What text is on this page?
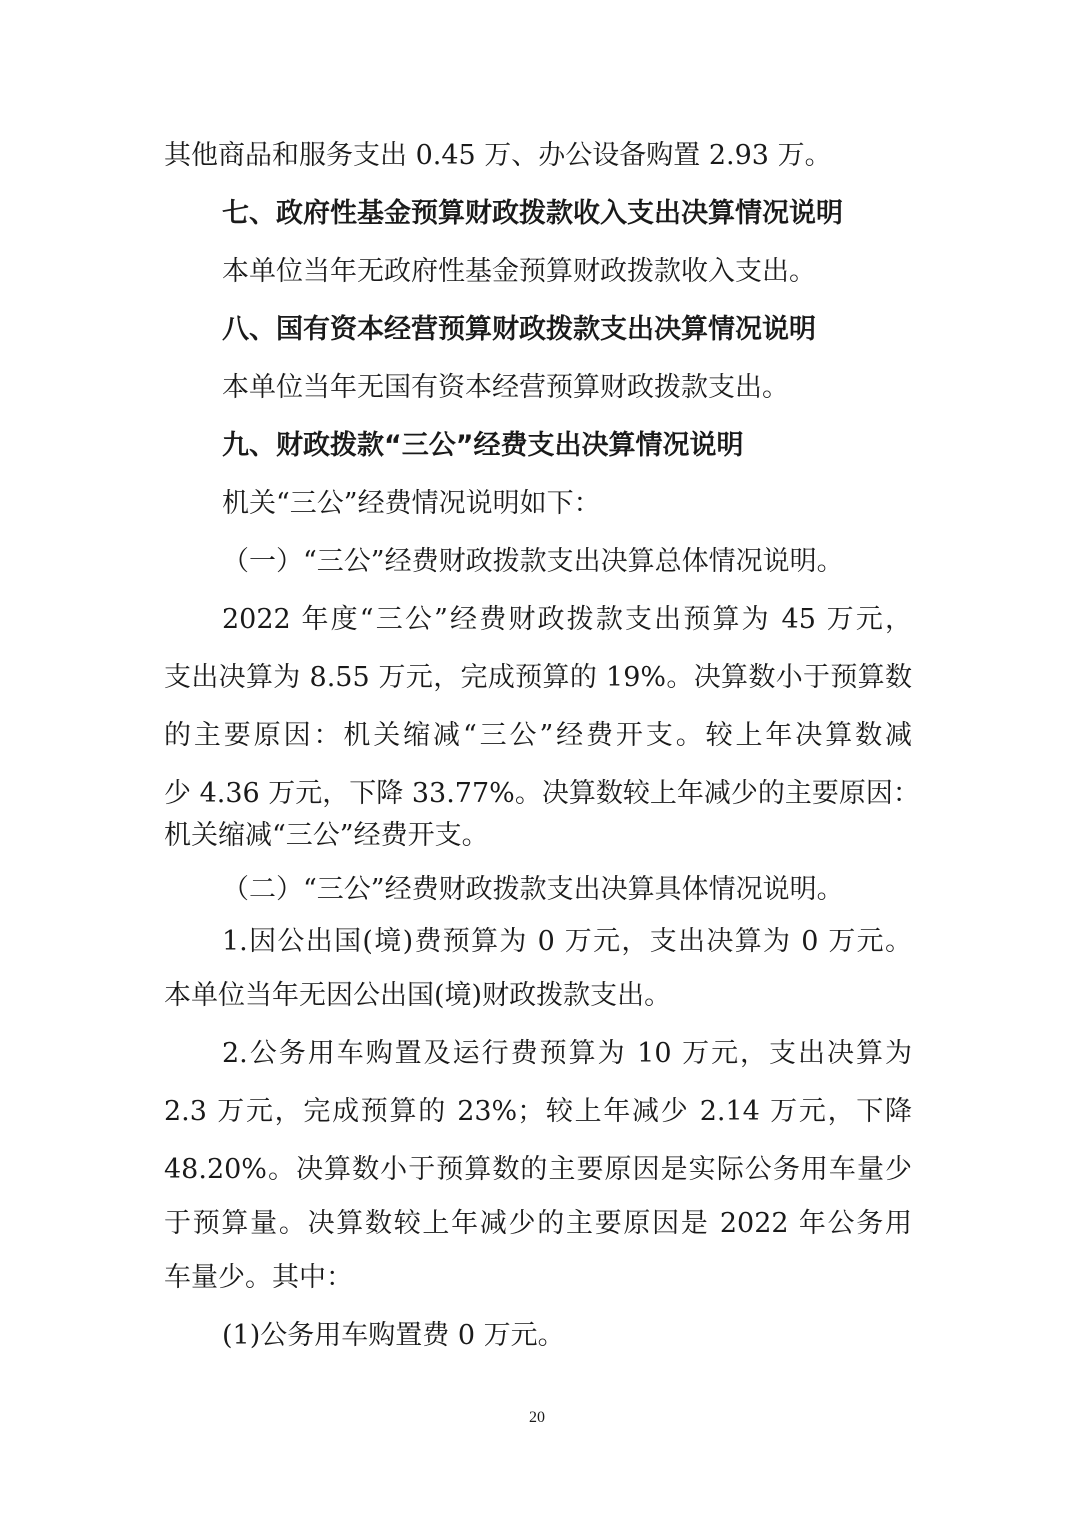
其他商品和服务支出 0.45 万、办公设备购置 2.93 万。
七、政府性基金预算财政拨款收入支出决算情况说明
本单位当年无政府性基金预算财政拨款收入支出。
八、国有资本经营预算财政拨款支出决算情况说明
本单位当年无国有资本经营预算财政拨款支出。
九、财政拨款“三公”经费支出决算情况说明
机关“三公”经费情况说明如下：
（一）“三公”经费财政拨款支出决算总体情况说明。
2022 年度“三公”经费财政拨款支出预算为 45 万元，
支出决算为 8.55 万元，完成预算的 19%。决算数小于预算数
的主要原因：机关缩减“三公”经费开支。较上年决算数减
少 4.36 万元，下降 33.77%。决算数较上年减少的主要原因：
机关缩减“三公”经费开支。
（二）“三公”经费财政拨款支出决算具体情况说明。
1.因公出国(境)费预算为 0 万元，支出决算为 0 万元。
本单位当年无因公出国(境)财政拨款支出。
2.公务用车购置及运行费预算为 10 万元，支出决算为
2.3 万元，完成预算的 23%；较上年减少 2.14 万元，下降
48.20%。决算数小于预算数的主要原因是实际公务用车量少
于预算量。决算数较上年减少的主要原因是 2022 年公务用
车量少。其中：
(1)公务用车购置费 0 万元。
20
